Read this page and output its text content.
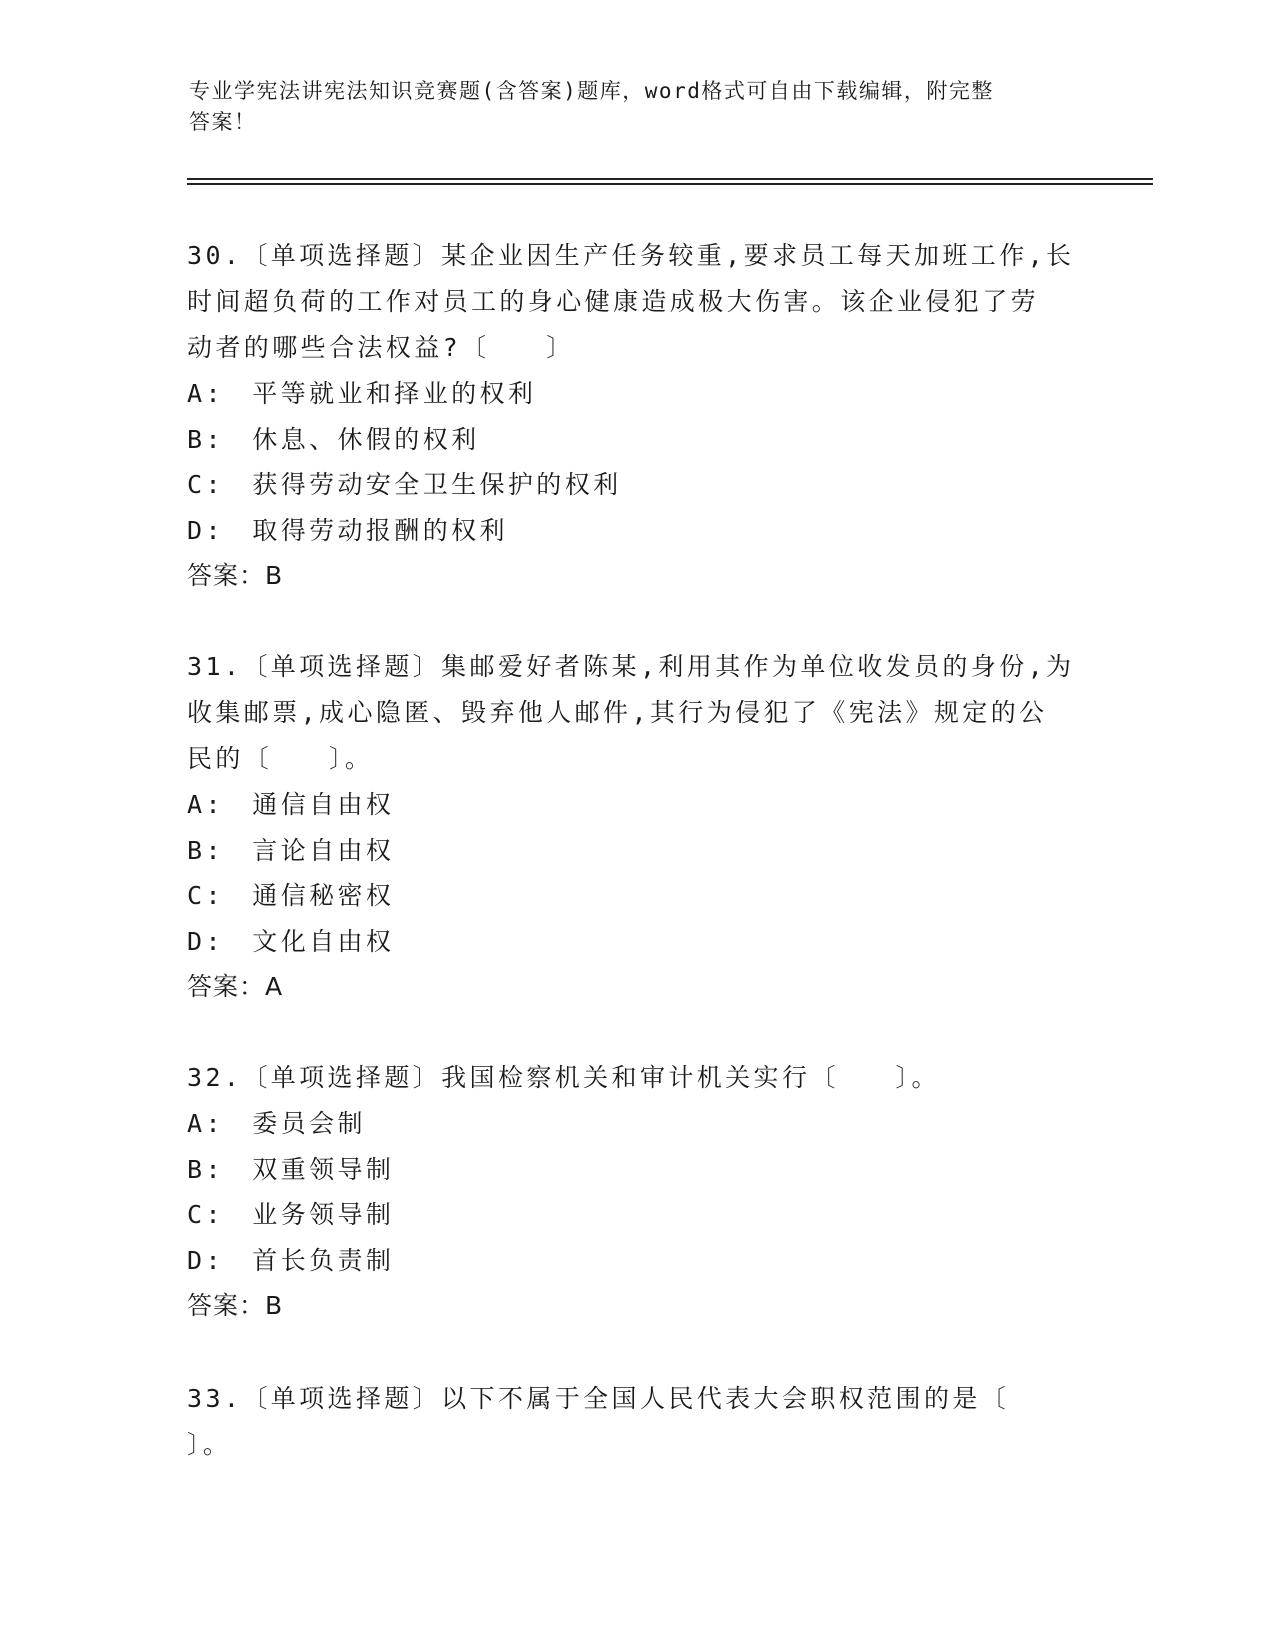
专业学宪法讲宪法知识竞赛题(含答案)题库，word格式可自由下载编辑，附完整
答案！

30.〔单项选择题〕某企业因生产任务较重,要求员工每天加班工作,长

时间超负荷的工作对员工的身心健康造成极大伤害。该企业侵犯了劳

动者的哪些合法权益?〔　　〕

A:　平等就业和择业的权利

B:　休息、休假的权利

C:　获得劳动安全卫生保护的权利

D:　取得劳动报酬的权利

答案：B

31.〔单项选择题〕集邮爱好者陈某,利用其作为单位收发员的身份,为

收集邮票,成心隐匿、毁弃他人邮件,其行为侵犯了《宪法》规定的公

民的〔　　〕。

A:　通信自由权

B:　言论自由权

C:　通信秘密权

D:　文化自由权

答案：A

32.〔单项选择题〕我国检察机关和审计机关实行〔　　〕。

A:　委员会制

B:　双重领导制

C:　业务领导制

D:　首长负责制

答案：B

33.〔单项选择题〕以下不属于全国人民代表大会职权范围的是〔

〕。
